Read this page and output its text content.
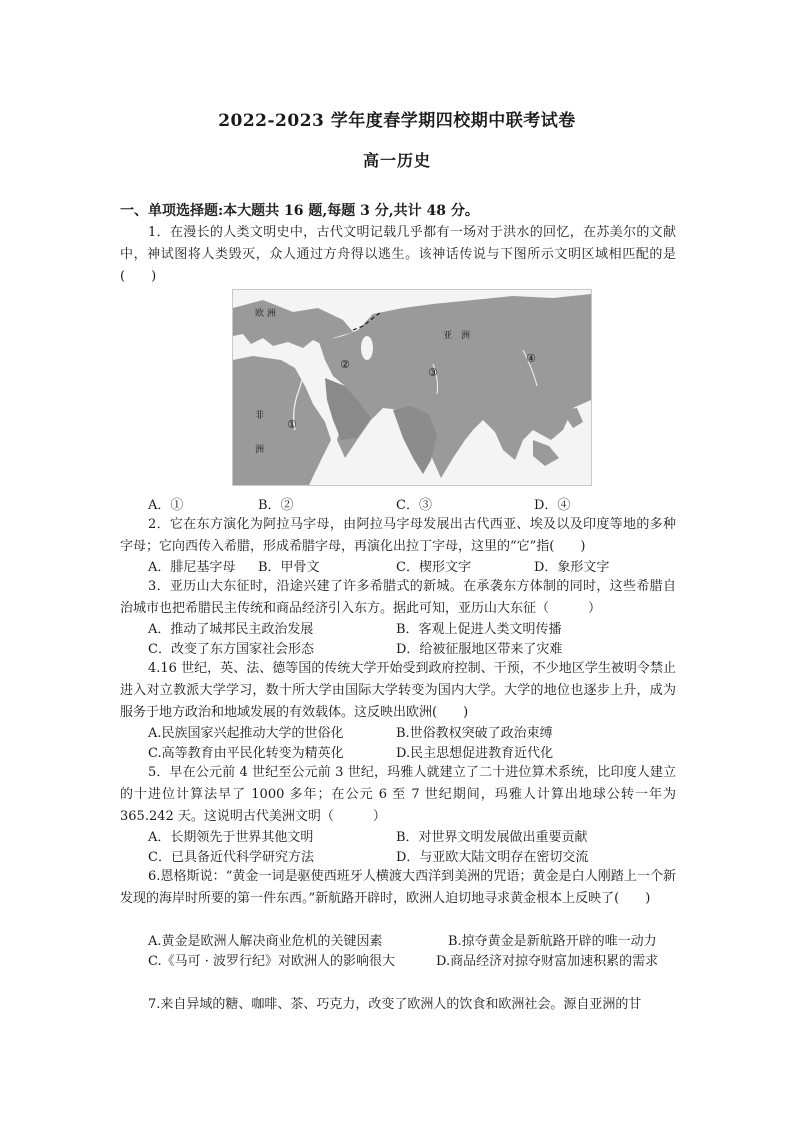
2022-2023 学年度春学期四校期中联考试卷
高一历史
一、单项选择题:本大题共 16 题,每题 3 分,共计 48 分。
1．在漫长的人类文明史中，古代文明记载几乎都有一场对于洪水的回忆，在苏美尔的文献中，神试图将人类毁灭，众人通过方舟得以逃生。该神话传说与下图所示文明区域相匹配的是(　　)
欧 洲
亚　洲
非
洲
①
②
③
④
A．①	B．②	C．③	D．④
2．它在东方演化为阿拉马字母，由阿拉马字母发展出古代西亚、埃及以及印度等地的多种字母；它向西传入希腊，形成希腊字母，再演化出拉丁字母，这里的“它”指(　　)
A．腓尼基字母 B．甲骨文	C．楔形文字	D．象形文字
3．亚历山大东征时，沿途兴建了许多希腊式的新城。在承袭东方体制的同时，这些希腊自治城市也把希腊民主传统和商品经济引入东方。据此可知，亚历山大东征（　　　）
A．推动了城邦民主政治发展	B．客观上促进人类文明传播
C．改变了东方国家社会形态	D．给被征服地区带来了灾难
4.16 世纪，英、法、德等国的传统大学开始受到政府控制、干预，不少地区学生被明令禁止进入对立教派大学学习，数十所大学由国际大学转变为国内大学。大学的地位也逐步上升，成为服务于地方政治和地域发展的有效载体。这反映出欧洲(　　)
A.民族国家兴起推动大学的世俗化	B.世俗教权突破了政治束缚
C.高等教育由平民化转变为精英化	D.民主思想促进教育近代化
5．早在公元前 4 世纪至公元前 3 世纪，玛雅人就建立了二十进位算术系统，比印度人建立的十进位计算法早了 1000 多年；在公元 6 至 7 世纪期间，玛雅人计算出地球公转一年为 365.242 天。这说明古代美洲文明（　　　）
A．长期领先于世界其他文明	B．对世界文明发展做出重要贡献
C．已具备近代科学研究方法	D．与亚欧大陆文明存在密切交流
6.恩格斯说：“黄金一词是驱使西班牙人横渡大西洋到美洲的咒语；黄金是白人刚踏上一个新发现的海岸时所要的第一件东西。”新航路开辟时，欧洲人迫切地寻求黄金根本上反映了(　　)
A.黄金是欧洲人解决商业危机的关键因素	B.掠夺黄金是新航路开辟的唯一动力
C.《马可 · 波罗行纪》对欧洲人的影响很大	D.商品经济对掠夺财富加速积累的需求
7.来自异域的糖、咖啡、茶、巧克力，改变了欧洲人的饮食和欧洲社会。源自亚洲的甘
